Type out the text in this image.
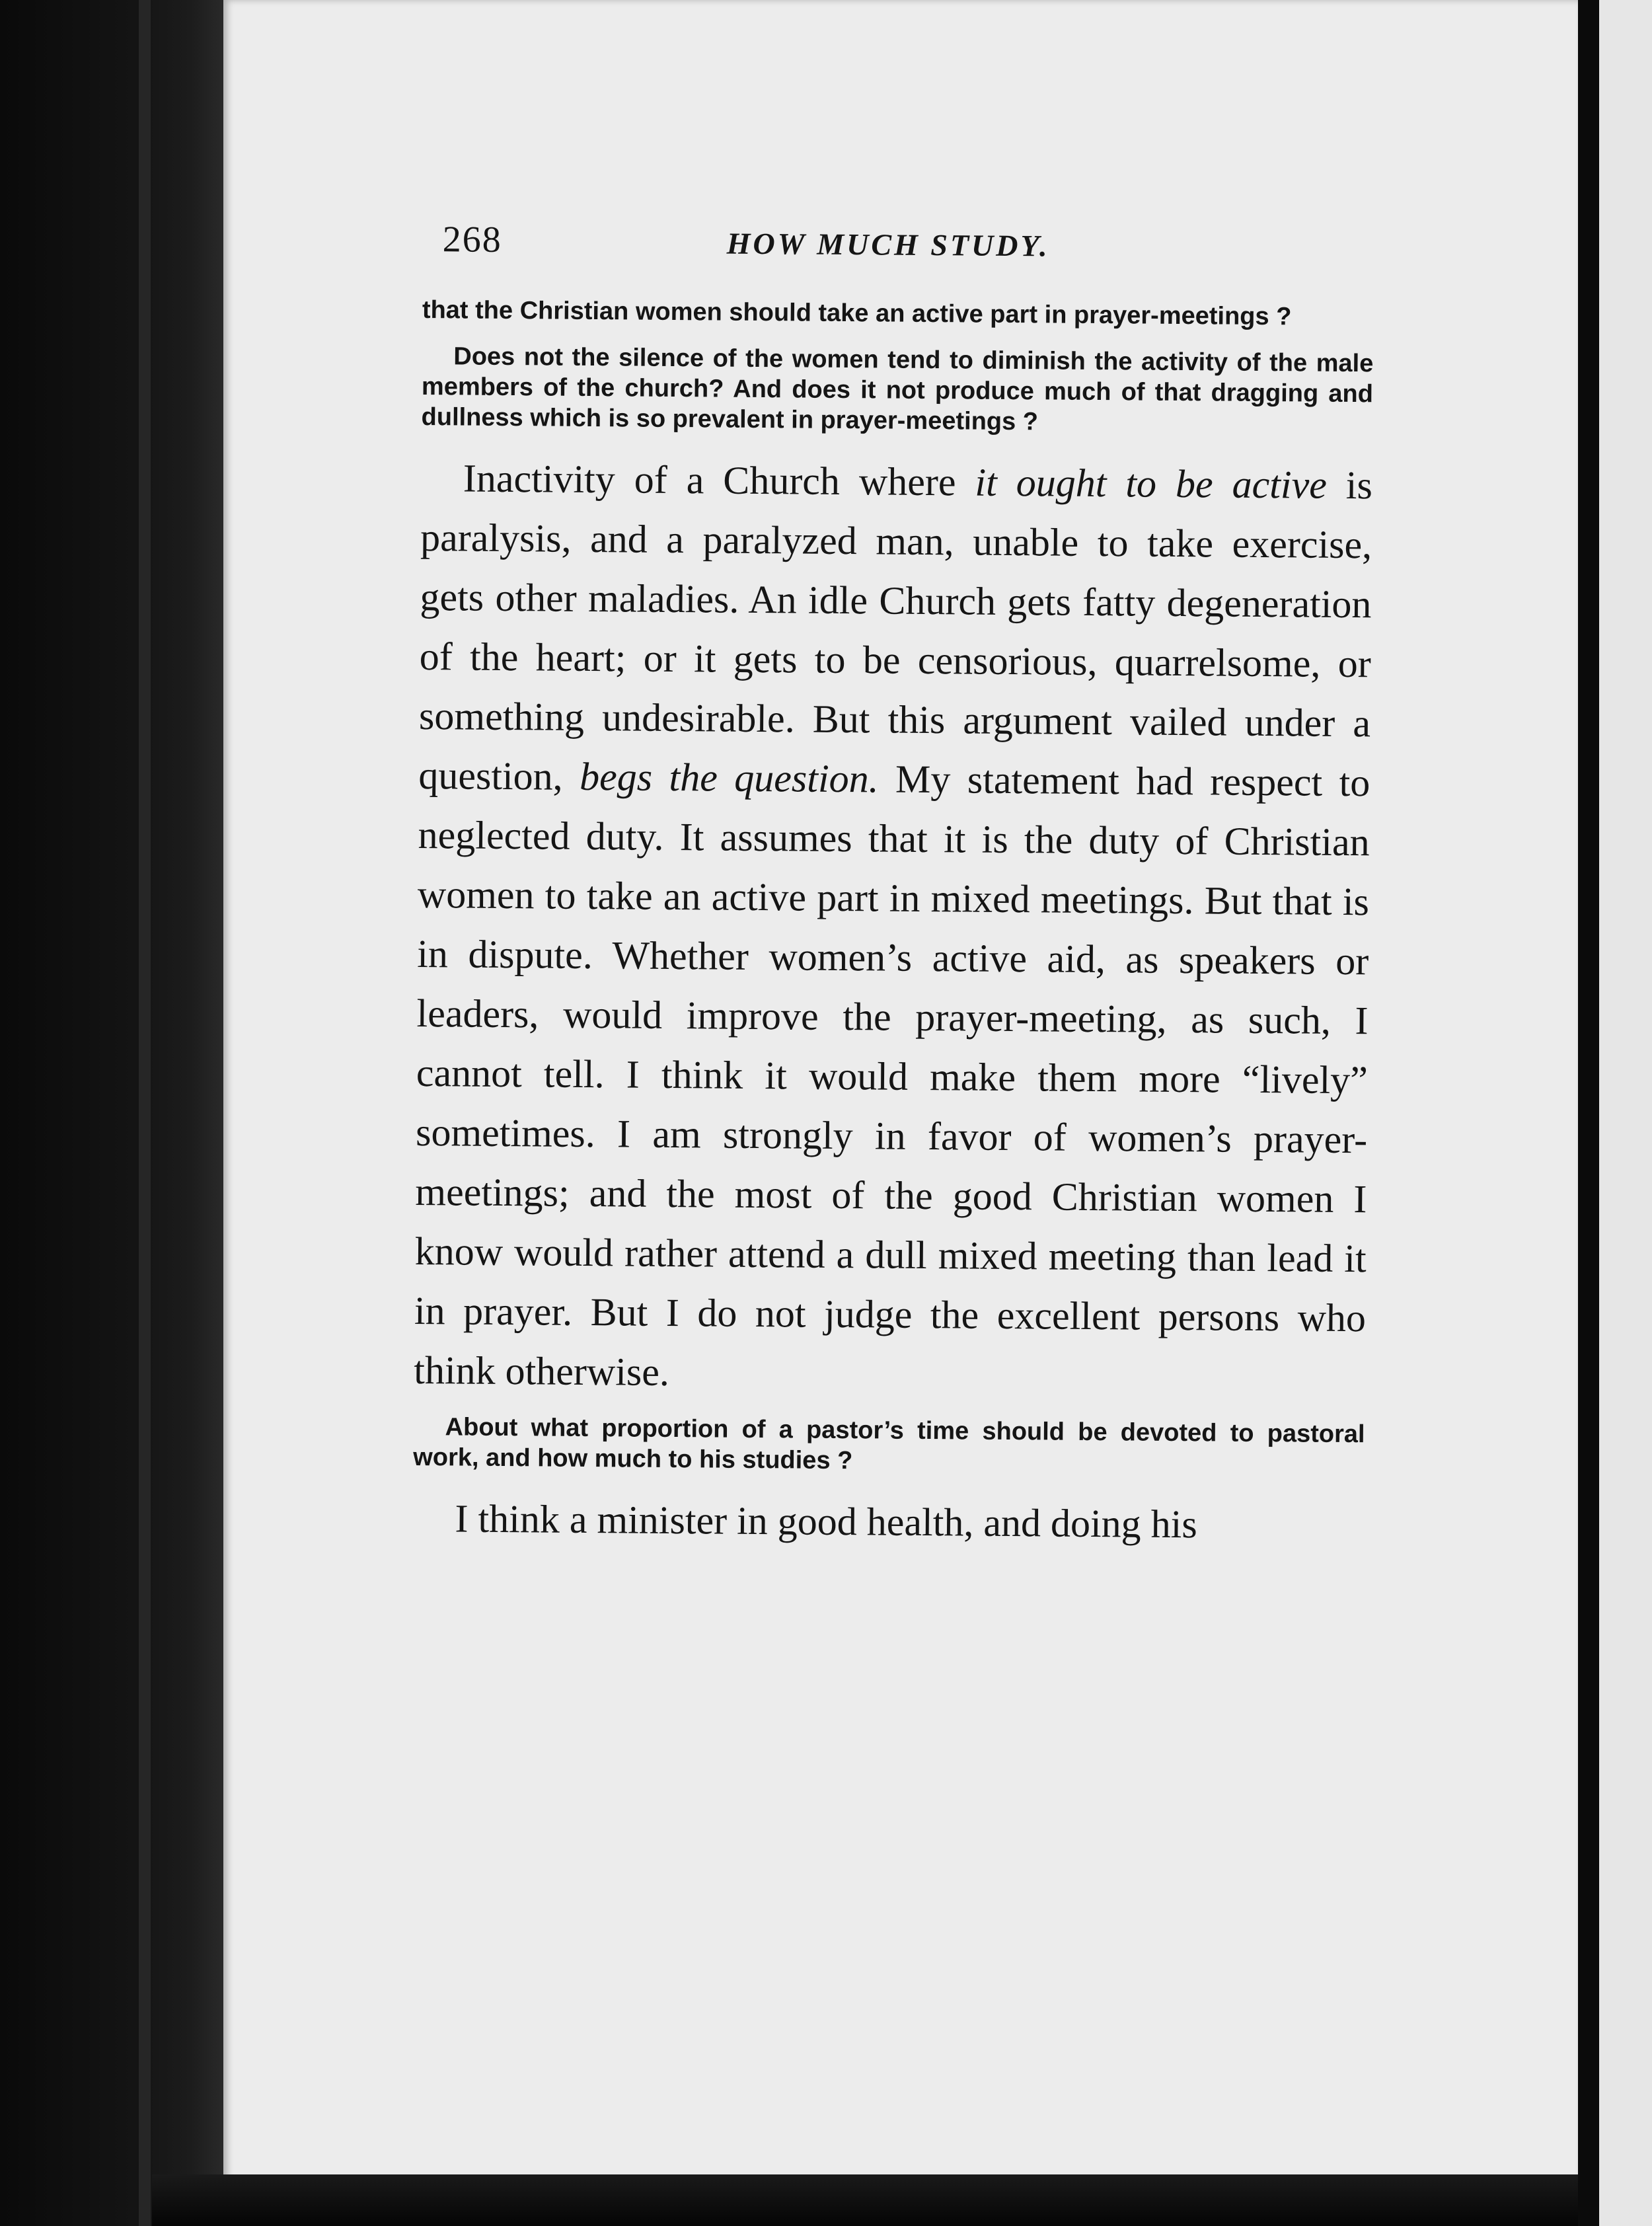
268	HOW MUCH STUDY.

that the Christian women should take an active part in prayer-meetings ?

Does not the silence of the women tend to diminish the activity of the male members of the church? And does it not produce much of that dragging and dullness which is so prevalent in prayer-meetings ?

Inactivity of a Church where it ought to be active is paralysis, and a paralyzed man, unable to take exercise, gets other maladies. An idle Church gets fatty degeneration of the heart; or it gets to be censorious, quarrelsome, or something undesirable. But this argument vailed under a question, begs the question. My statement had respect to neglected duty. It assumes that it is the duty of Christian women to take an active part in mixed meetings. But that is in dispute. Whether women’s active aid, as speakers or leaders, would improve the prayer-meeting, as such, I cannot tell. I think it would make them more “lively” sometimes. I am strongly in favor of women’s prayer-meetings; and the most of the good Christian women I know would rather attend a dull mixed meeting than lead it in prayer. But I do not judge the excellent persons who think otherwise.

About what proportion of a pastor’s time should be devoted to pastoral work, and how much to his studies ?

I think a minister in good health, and doing his
